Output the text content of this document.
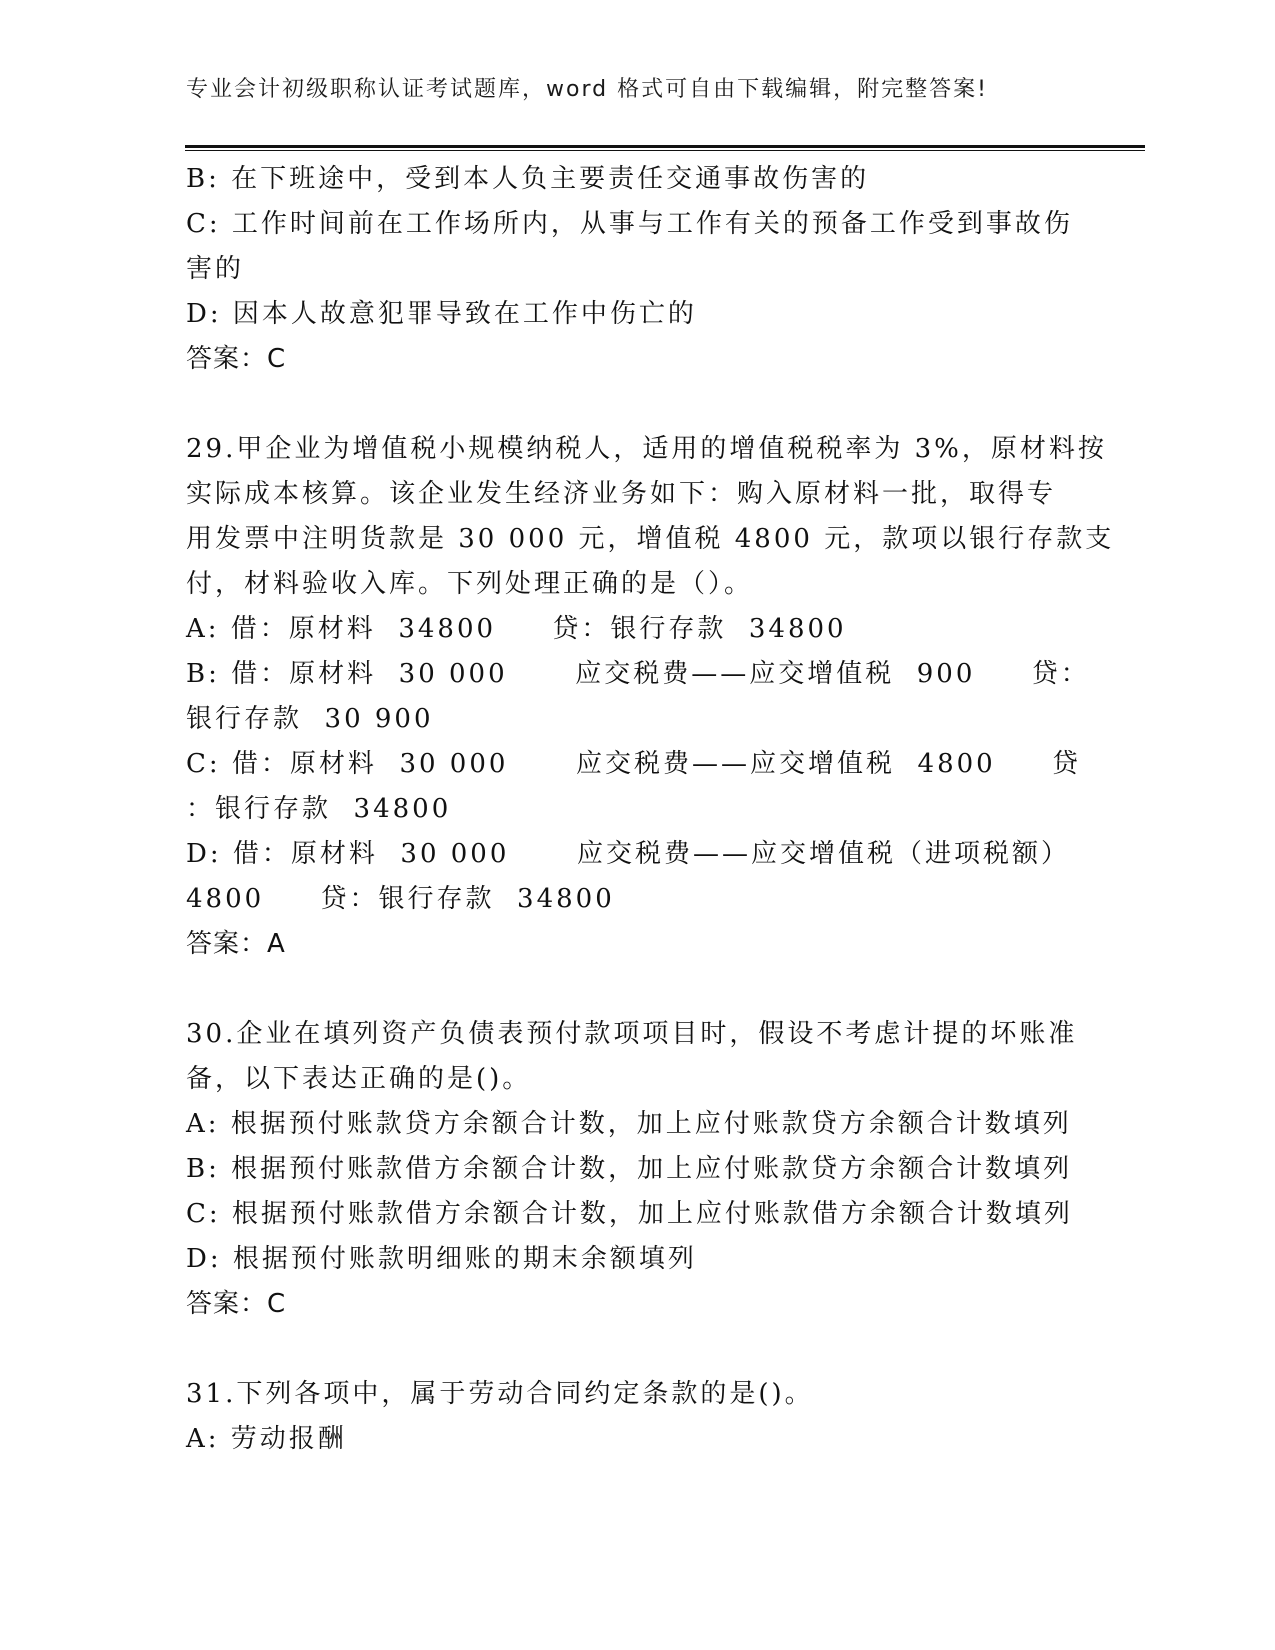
专业会计初级职称认证考试题库，word 格式可自由下载编辑，附完整答案!
B: 在下班途中，受到本人负主要责任交通事故伤害的
C: 工作时间前在工作场所内，从事与工作有关的预备工作受到事故伤
害的
D: 因本人故意犯罪导致在工作中伤亡的
答案：C
29.甲企业为增值税小规模纳税人，适用的增值税税率为 3%，原材料按
实际成本核算。该企业发生经济业务如下：购入原材料一批，取得专
用发票中注明货款是 30 000 元，增值税 4800 元，款项以银行存款支
付，材料验收入库。下列处理正确的是（）。
A: 借：原材料  34800     贷：银行存款  34800
B: 借：原材料  30 000      应交税费——应交增值税  900     贷：
银行存款  30 900
C: 借：原材料  30 000      应交税费——应交增值税  4800     贷
：银行存款  34800
D: 借：原材料  30 000      应交税费——应交增值税（进项税额）
4800     贷：银行存款  34800
答案：A
30.企业在填列资产负债表预付款项项目时，假设不考虑计提的坏账准
备，以下表达正确的是()。
A: 根据预付账款贷方余额合计数，加上应付账款贷方余额合计数填列
B: 根据预付账款借方余额合计数，加上应付账款贷方余额合计数填列
C: 根据预付账款借方余额合计数，加上应付账款借方余额合计数填列
D: 根据预付账款明细账的期末余额填列
答案：C
31.下列各项中，属于劳动合同约定条款的是()。
A: 劳动报酬
